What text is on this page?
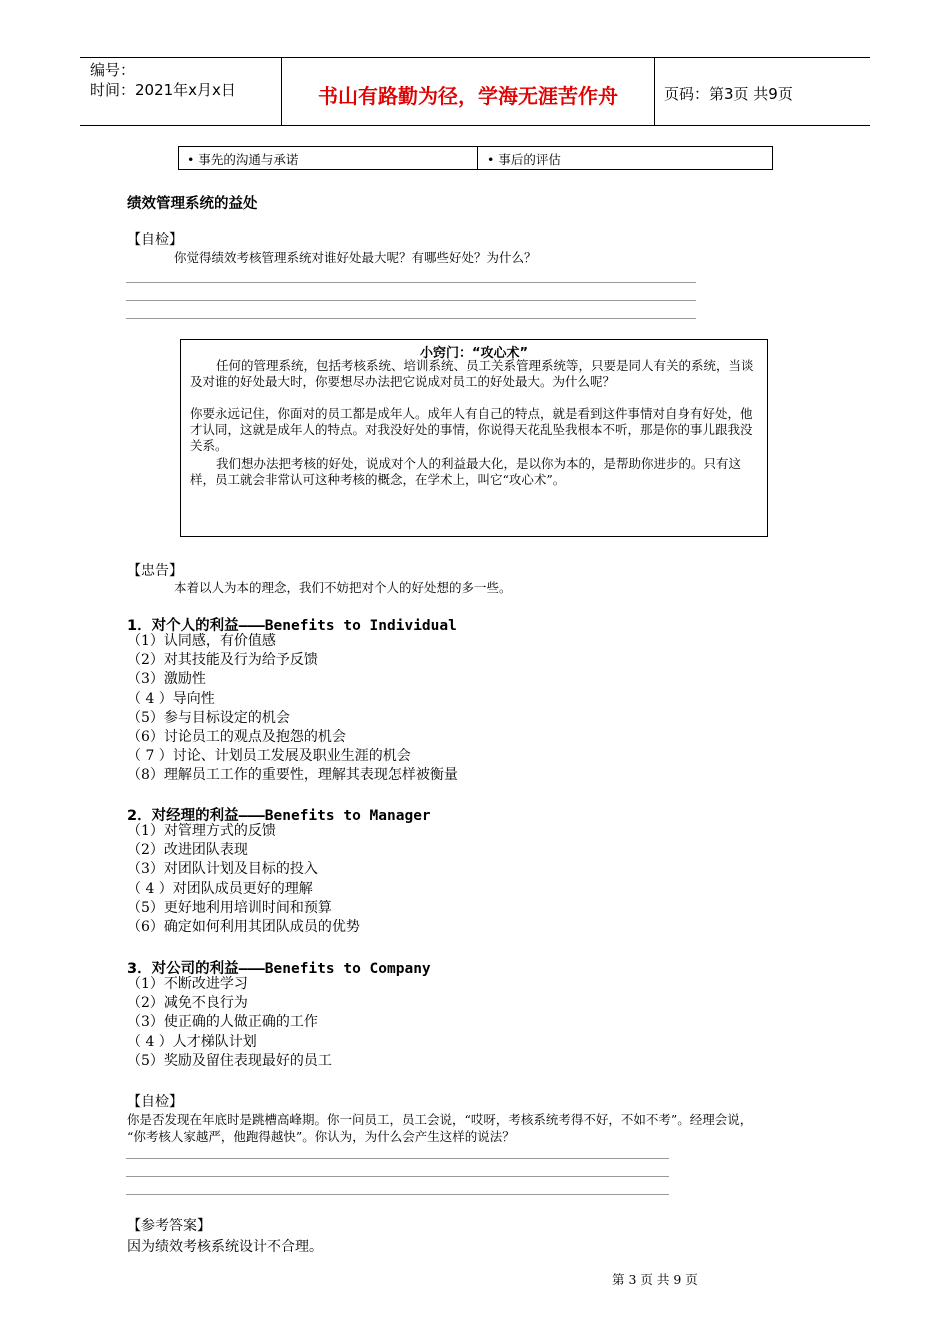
编号：
时间：2021年x月x日	书山有路勤为径，学海无涯苦作舟	页码：第3页 共9页
• 事先的沟通与承诺	• 事后的评估
绩效管理系统的益处
【自检】
你觉得绩效考核管理系统对谁好处最大呢？有哪些好处？为什么？
小窍门：“攻心术”
任何的管理系统，包括考核系统、培训系统、员工关系管理系统等，只要是同人有关的系统，当谈及对谁的好处最大时，你要想尽办法把它说成对员工的好处最大。为什么呢？
你要永远记住，你面对的员工都是成年人。成年人有自己的特点，就是看到这件事情对自身有好处，他才认同，这就是成年人的特点。对我没好处的事情，你说得天花乱坠我根本不听，那是你的事儿跟我没关系。
我们想办法把考核的好处，说成对个人的利益最大化，是以你为本的，是帮助你进步的。只有这样，员工就会非常认可这种考核的概念，在学术上，叫它“攻心术”。
【忠告】
本着以人为本的理念，我们不妨把对个人的好处想的多一些。
1．对个人的利益———Benefits to Individual
（1）认同感，有价值感
（2）对其技能及行为给予反馈
（3）激励性
（ 4 ）导向性
（5）参与目标设定的机会
（6）讨论员工的观点及抱怨的机会
（ 7 ）讨论、计划员工发展及职业生涯的机会
（8）理解员工工作的重要性，理解其表现怎样被衡量
2．对经理的利益———Benefits to Manager
（1）对管理方式的反馈
（2）改进团队表现
（3）对团队计划及目标的投入
（ 4 ）对团队成员更好的理解
（5）更好地利用培训时间和预算
（6）确定如何利用其团队成员的优势
3．对公司的利益———Benefits to Company
（1）不断改进学习
（2）减免不良行为
（3）使正确的人做正确的工作
（ 4 ）人才梯队计划
（5）奖励及留住表现最好的员工
【自检】
你是否发现在年底时是跳槽高峰期。你一问员工，员工会说，“哎呀，考核系统考得不好，不如不考”。经理会说，
“你考核人家越严，他跑得越快”。你认为，为什么会产生这样的说法？
【参考答案】
因为绩效考核系统设计不合理。
第 3 页 共 9 页
